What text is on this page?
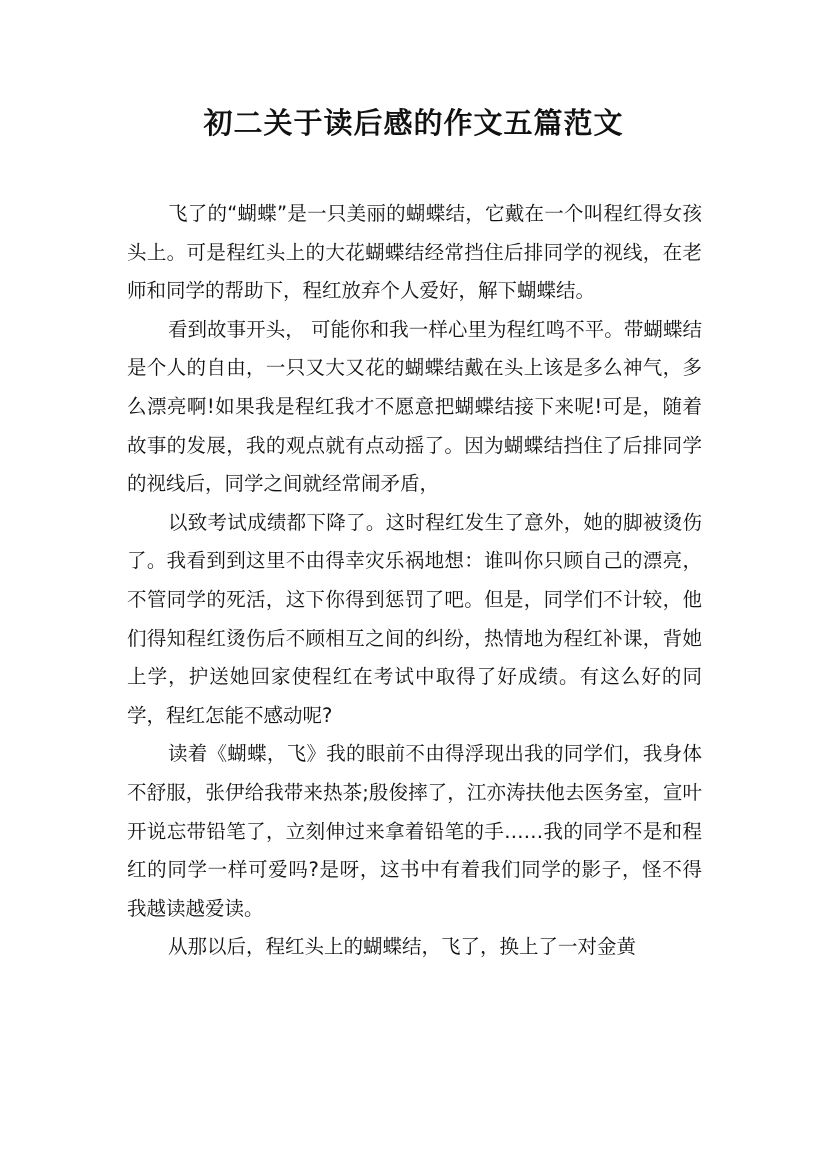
初二关于读后感的作文五篇范文

飞了的“蝴蝶”是一只美丽的蝴蝶结，它戴在一个叫程红得女孩头上。可是程红头上的大花蝴蝶结经常挡住后排同学的视线，在老师和同学的帮助下，程红放弃个人爱好，解下蝴蝶结。

看到故事开头， 可能你和我一样心里为程红鸣不平。带蝴蝶结是个人的自由，一只又大又花的蝴蝶结戴在头上该是多么神气，多么漂亮啊!如果我是程红我才不愿意把蝴蝶结接下来呢!可是，随着故事的发展，我的观点就有点动摇了。因为蝴蝶结挡住了后排同学的视线后，同学之间就经常闹矛盾，

以致考试成绩都下降了。这时程红发生了意外，她的脚被烫伤了。我看到到这里不由得幸灾乐祸地想：谁叫你只顾自己的漂亮，不管同学的死活，这下你得到惩罚了吧。但是，同学们不计较，他们得知程红烫伤后不顾相互之间的纠纷，热情地为程红补课，背她上学，护送她回家使程红在考试中取得了好成绩。有这么好的同学，程红怎能不感动呢?

读着《蝴蝶，飞》我的眼前不由得浮现出我的同学们，我身体不舒服，张伊给我带来热茶;殷俊摔了，江亦涛扶他去医务室，宣叶开说忘带铅笔了，立刻伸过来拿着铅笔的手……我的同学不是和程红的同学一样可爱吗?是呀，这书中有着我们同学的影子，怪不得我越读越爱读。

从那以后，程红头上的蝴蝶结，飞了，换上了一对金黄
